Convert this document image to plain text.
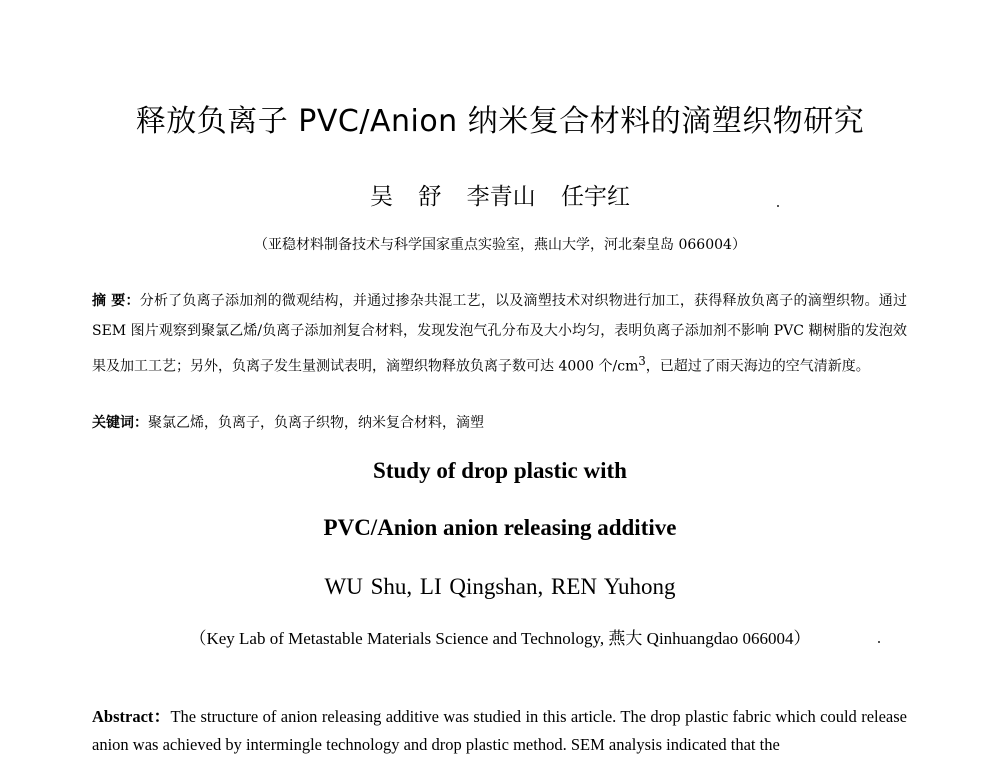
释放负离子 PVC/Anion 纳米复合材料的滴塑织物研究
吴 舒 李青山 任宇红
（亚稳材料制备技术与科学国家重点实验室，燕山大学，河北秦皇岛 066004）
摘 要：分析了负离子添加剂的微观结构，并通过掺杂共混工艺，以及滴塑技术对织物进行加工，获得释放负离子的滴塑织物。通过 SEM 图片观察到聚氯乙烯/负离子添加剂复合材料，发现发泡气孔分布及大小均匀，表明负离子添加剂不影响 PVC 糊树脂的发泡效果及加工工艺；另外，负离子发生量测试表明，滴塑织物释放负离子数可达 4000 个$/cm^3$，已超过了雨天海边的空气清新度。
关键词：聚氯乙烯，负离子，负离子织物，纳米复合材料，滴塑
Study of drop plastic with
PVC/Anion anion releasing additive
WU Shu, LI Qingshan, REN Yuhong
（Key Lab of Metastable Materials Science and Technology, 燕大 Qinhuangdao 066004）
Abstract：The structure of anion releasing additive was studied in this article. The drop plastic fabric which could release anion was achieved by intermingle technology and drop plastic method. SEM analysis indicated that the
